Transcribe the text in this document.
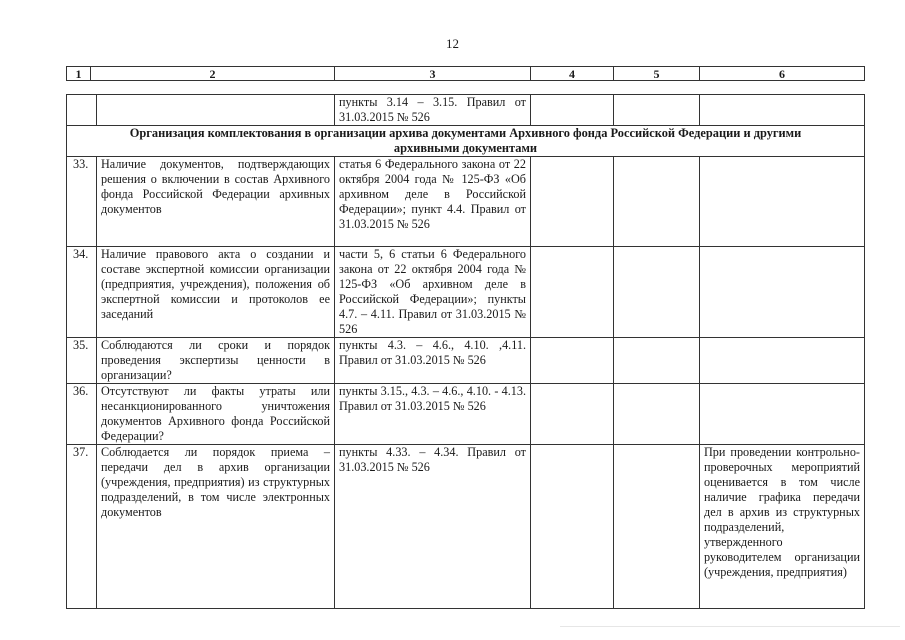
12
1	2	3	4	5	6
		пункты 3.14 – 3.15. Правил от 31.03.2015 № 526			
Организация комплектования в организации архива документами Архивного фонда Российской Федерации и другими архивными документами					
33.	Наличие документов, подтверждающих решения о включении в состав Архивного фонда Российской Федерации архивных документов	статья 6 Федерального закона от 22 октября 2004 года № 125-ФЗ «Об архивном деле в Российской Федерации»; пункт 4.4. Правил от 31.03.2015 № 526			
34.	Наличие правового акта о создании и составе экспертной комиссии организации (предприятия, учреждения), положения об экспертной комиссии и протоколов ее заседаний	части 5, 6 статьи 6 Федерального закона от 22 октября 2004 года № 125-ФЗ «Об архивном деле в Российской Федерации»; пункты 4.7. – 4.11. Правил от 31.03.2015 № 526			
35.	Соблюдаются ли сроки и порядок проведения экспертизы ценности в организации?	пункты 4.3. – 4.6., 4.10. ,4.11. Правил от 31.03.2015 № 526			
36.	Отсутствуют ли факты утраты или несанкционированного уничтожения документов Архивного фонда Российской Федерации?	пункты 3.15., 4.3. – 4.6., 4.10. - 4.13. Правил от 31.03.2015 № 526			
37.	Соблюдается ли порядок приема – передачи дел в архив организации (учреждения, предприятия) из структурных подразделений, в том числе электронных документов	пункты 4.33. – 4.34. Правил от 31.03.2015 № 526			При проведении контрольно-проверочных мероприятий оценивается в том числе наличие графика передачи дел в архив из структурных подразделений, утвержденного руководителем организации (учреждения, предприятия)
